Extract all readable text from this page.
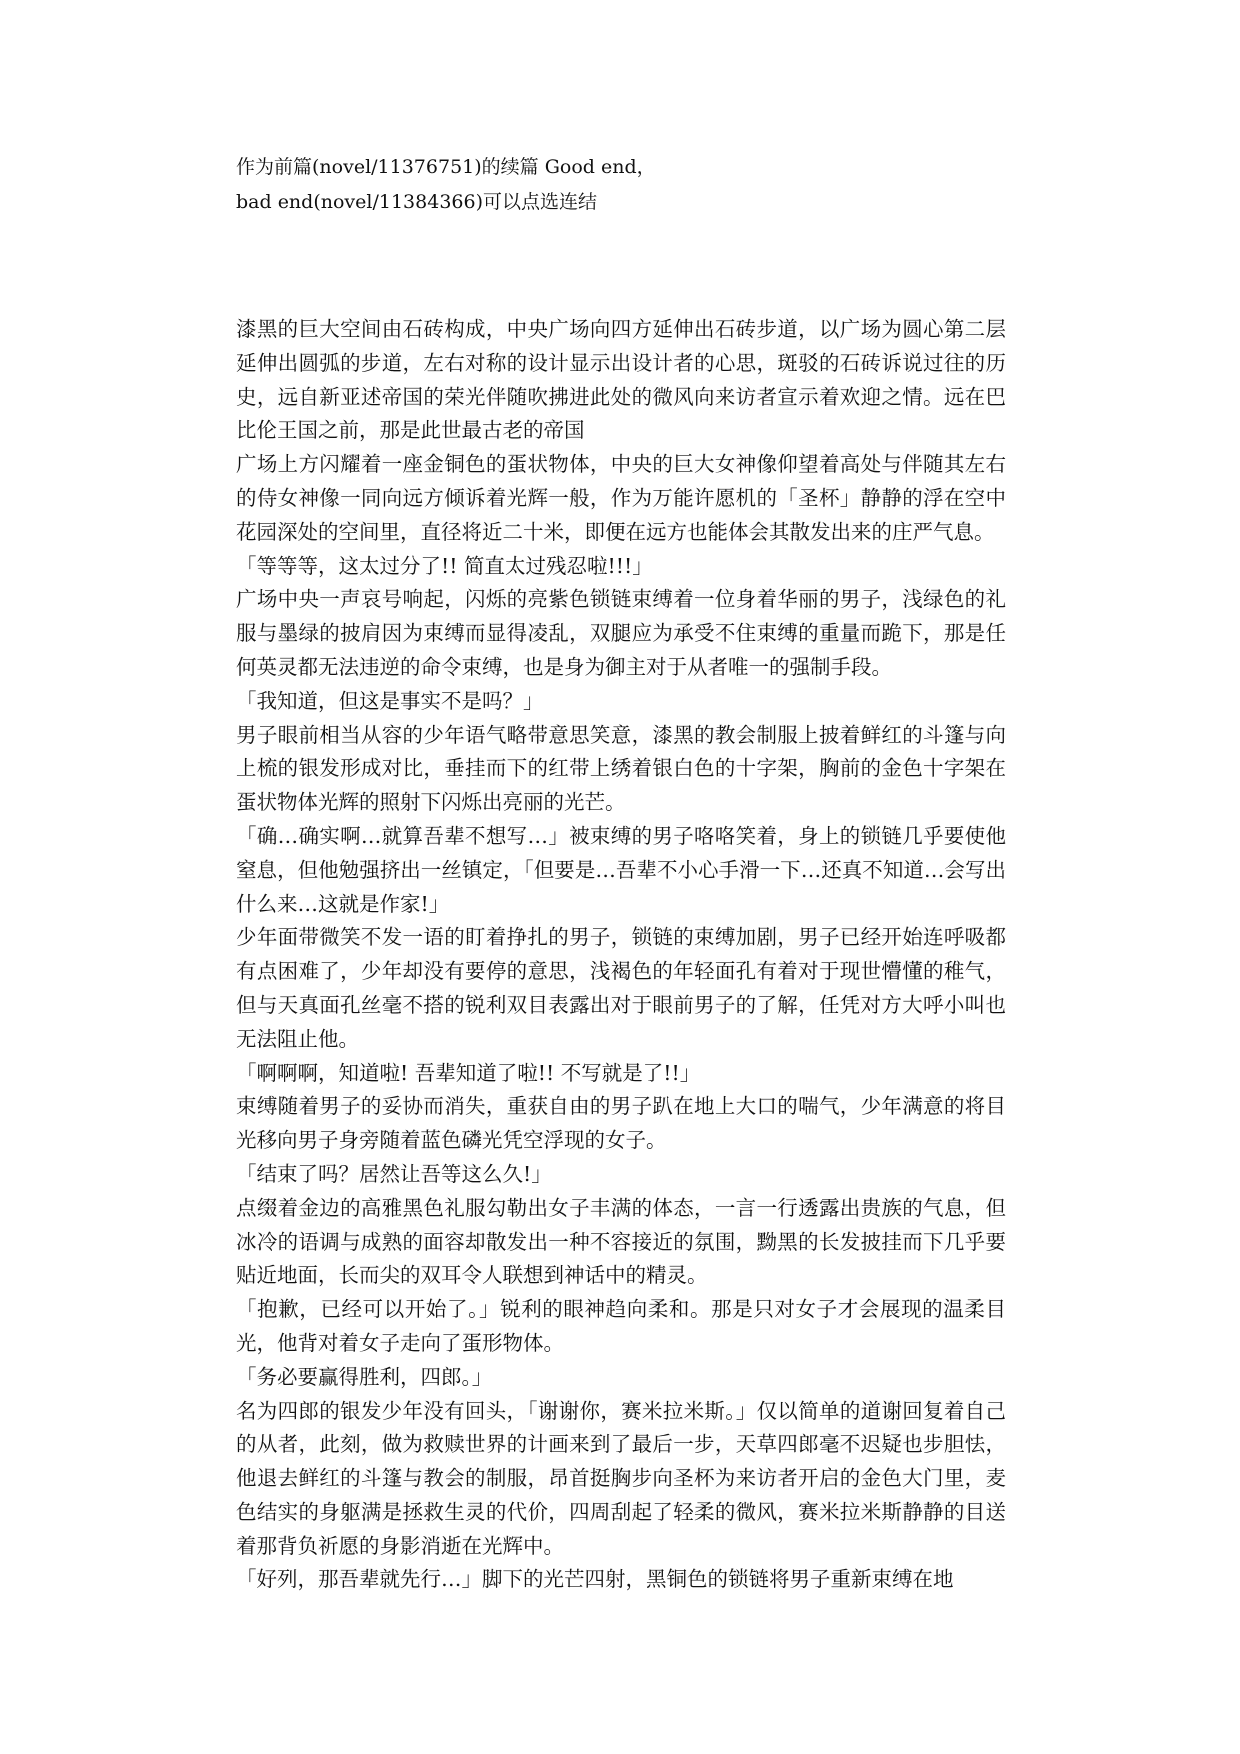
作为前篇(novel/11376751)的续篇 Good end，
bad end(novel/11384366)可以点选连结

漆黑的巨大空间由石砖构成，中央广场向四方延伸出石砖步道，以广场为圆心第二层延伸出圆弧的步道，左右对称的设计显示出设计者的心思，斑驳的石砖诉说过往的历史，远自新亚述帝国的荣光伴随吹拂进此处的微风向来访者宣示着欢迎之情。远在巴比伦王国之前，那是此世最古老的帝国

广场上方闪耀着一座金铜色的蛋状物体，中央的巨大女神像仰望着高处与伴随其左右的侍女神像一同向远方倾诉着光辉一般，作为万能许愿机的「圣杯」静静的浮在空中花园深处的空间里，直径将近二十米，即便在远方也能体会其散发出来的庄严气息。

「等等等，这太过分了!! 简直太过残忍啦!!!」

广场中央一声哀号响起，闪烁的亮紫色锁链束缚着一位身着华丽的男子，浅绿色的礼服与墨绿的披肩因为束缚而显得凌乱，双腿应为承受不住束缚的重量而跪下，那是任何英灵都无法违逆的命令束缚，也是身为御主对于从者唯一的强制手段。

「我知道，但这是事实不是吗？」

男子眼前相当从容的少年语气略带意思笑意，漆黑的教会制服上披着鲜红的斗篷与向上梳的银发形成对比，垂挂而下的红带上绣着银白色的十字架，胸前的金色十字架在蛋状物体光辉的照射下闪烁出亮丽的光芒。

「确…确实啊…就算吾辈不想写…」被束缚的男子咯咯笑着，身上的锁链几乎要使他窒息，但他勉强挤出一丝镇定，「但要是…吾辈不小心手滑一下…还真不知道…会写出什么来…这就是作家!」

少年面带微笑不发一语的盯着挣扎的男子，锁链的束缚加剧，男子已经开始连呼吸都有点困难了，少年却没有要停的意思，浅褐色的年轻面孔有着对于现世懵懂的稚气，但与天真面孔丝毫不搭的锐利双目表露出对于眼前男子的了解，任凭对方大呼小叫也无法阻止他。

「啊啊啊，知道啦! 吾辈知道了啦!! 不写就是了!!」

束缚随着男子的妥协而消失，重获自由的男子趴在地上大口的喘气，少年满意的将目光移向男子身旁随着蓝色磷光凭空浮现的女子。

「结束了吗？居然让吾等这么久!」

点缀着金边的高雅黑色礼服勾勒出女子丰满的体态，一言一行透露出贵族的气息，但冰冷的语调与成熟的面容却散发出一种不容接近的氛围，黝黑的长发披挂而下几乎要贴近地面，长而尖的双耳令人联想到神话中的精灵。

「抱歉，已经可以开始了。」锐利的眼神趋向柔和。那是只对女子才会展现的温柔目光，他背对着女子走向了蛋形物体。

「务必要赢得胜利，四郎。」

名为四郎的银发少年没有回头，「谢谢你，赛米拉米斯。」仅以简单的道谢回复着自己的从者，此刻，做为救赎世界的计画来到了最后一步，天草四郎毫不迟疑也步胆怯，他退去鲜红的斗篷与教会的制服，昂首挺胸步向圣杯为来访者开启的金色大门里，麦色结实的身躯满是拯救生灵的代价，四周刮起了轻柔的微风，赛米拉米斯静静的目送着那背负祈愿的身影消逝在光辉中。

「好列，那吾辈就先行…」脚下的光芒四射，黑铜色的锁链将男子重新束缚在地
